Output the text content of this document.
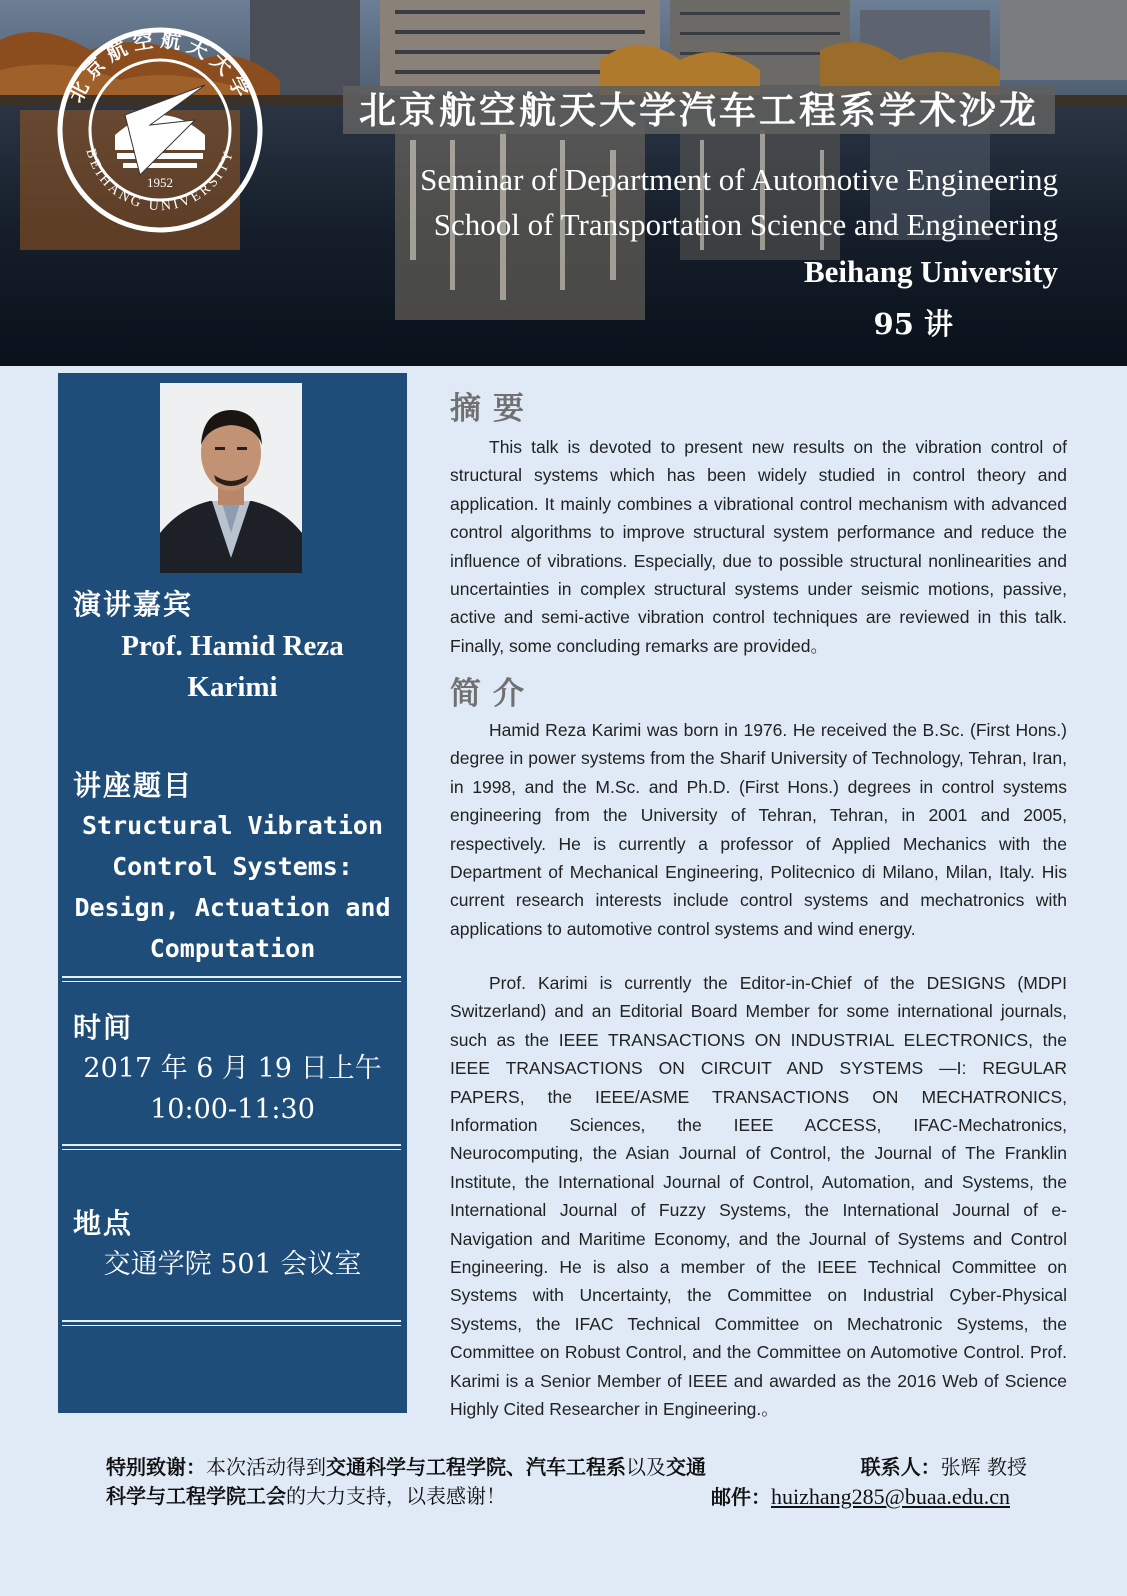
1952
BEIHANG UNIVERSITY
北京航空航天大学	北京航空航天大学汽车工程系学术沙龙
Seminar of Department of Automotive Engineering
School of Transportation Science and Engineering
Beihang University
95 讲
演讲嘉宾
Prof. Hamid Reza
Karimi
讲座题目
Structural Vibration
Control Systems:
Design, Actuation and
Computation
时间
2017 年 6 月 19 日上午
10:00-11:30
地点
交通学院 501 会议室
摘要

This talk is devoted to present new results on the vibration control of structural systems which has been widely studied in control theory and application. It mainly combines a vibrational control mechanism with advanced control algorithms to improve structural system performance and reduce the influence of vibrations. Especially, due to possible structural nonlinearities and uncertainties in complex structural systems under seismic motions, passive, active and semi-active vibration control techniques are reviewed in this talk. Finally, some concluding remarks are provided。

简介

Hamid Reza Karimi was born in 1976. He received the B.Sc. (First Hons.) degree in power systems from the Sharif University of Technology, Tehran, Iran, in 1998, and the M.Sc. and Ph.D. (First Hons.) degrees in control systems engineering from the University of Tehran, Tehran, in 2001 and 2005, respectively. He is currently a professor of Applied Mechanics with the Department of Mechanical Engineering, Politecnico di Milano, Milan, Italy. His current research interests include control systems and mechatronics with applications to automotive control systems and wind energy.

Prof. Karimi is currently the Editor-in-Chief of the DESIGNS (MDPI Switzerland) and an Editorial Board Member for some international journals, such as the IEEE TRANSACTIONS ON INDUSTRIAL ELECTRONICS, the IEEE TRANSACTIONS ON CIRCUIT AND SYSTEMS —I: REGULAR PAPERS, the IEEE/ASME TRANSACTIONS ON MECHATRONICS, Information Sciences, the IEEE ACCESS, IFAC-Mechatronics, Neurocomputing, the Asian Journal of Control, the Journal of The Franklin Institute, the International Journal of Control, Automation, and Systems, the International Journal of Fuzzy Systems, the International Journal of e-Navigation and Maritime Economy, and the Journal of Systems and Control Engineering. He is also a member of the IEEE Technical Committee on Systems with Uncertainty, the Committee on Industrial Cyber-Physical Systems, the IFAC Technical Committee on Mechatronic Systems, the Committee on Robust Control, and the Committee on Automotive Control. Prof. Karimi is a Senior Member of IEEE and awarded as the 2016 Web of Science Highly Cited Researcher in Engineering.。

特别致谢：本次活动得到交通科学与工程学院、汽车工程系以及交通科学与工程学院工会的大力支持，以表感谢！
联系人：张辉 教授
邮件：huizhang285@buaa.edu.cn
